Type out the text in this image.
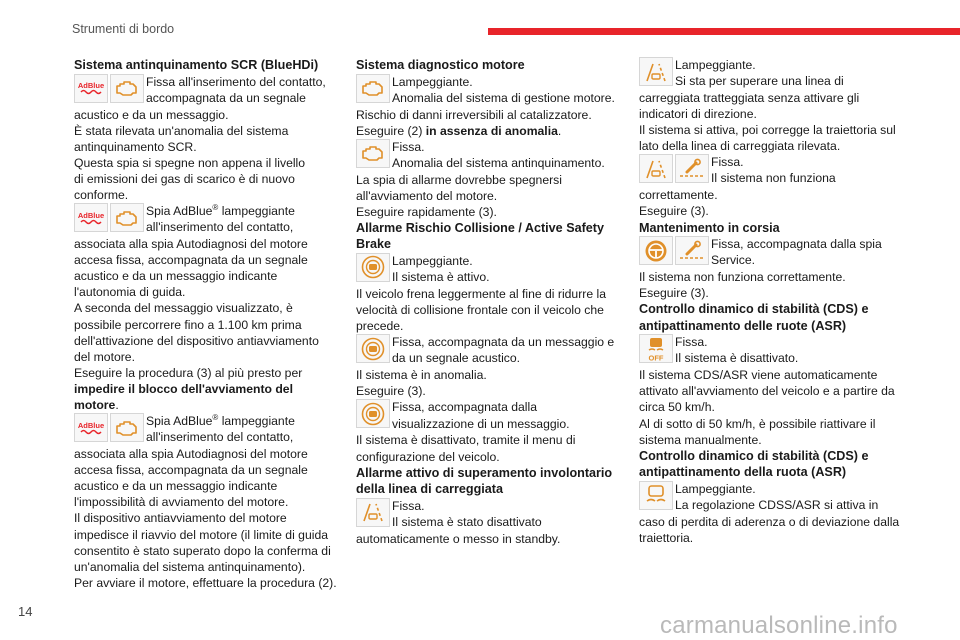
Strumenti di bordo

Sistema antinquinamento SCR (BlueHDi)

AdBlue	Fissa all'inserimento del contatto,

accompagnata da un segnale

acustico e da un messaggio.

È stata rilevata un'anomalia del sistema

antinquinamento SCR.

Questa spia si spegne non appena il livello

di emissioni dei gas di scarico è di nuovo

conforme.

AdBlue	Spia AdBlue® lampeggiante

all'inserimento del contatto,

associata alla spia Autodiagnosi del motore

accesa fissa, accompagnata da un segnale

acustico e da un messaggio indicante

l'autonomia di guida.

A seconda del messaggio visualizzato, è

possibile percorrere fino a 1.100 km prima

dell'attivazione del dispositivo antiavviamento

del motore.

Eseguire la procedura (3) al più presto per

impedire il blocco dell'avviamento del

motore.

AdBlue	Spia AdBlue® lampeggiante

all'inserimento del contatto,

associata alla spia Autodiagnosi del motore

accesa fissa, accompagnata da un segnale

acustico e da un messaggio indicante

l'impossibilità di avviamento del motore.

Il dispositivo antiavviamento del motore

impedisce il riavvio del motore (il limite di guida

consentito è stato superato dopo la conferma di

un'anomalia del sistema antinquinamento).

Per avviare il motore, effettuare la procedura (2).

Sistema diagnostico motore

Lampeggiante.

Anomalia del sistema di gestione motore.

Rischio di danni irreversibili al catalizzatore.

Eseguire (2) in assenza di anomalia.

Fissa.

Anomalia del sistema antinquinamento.

La spia di allarme dovrebbe spegnersi

all'avviamento del motore.

Eseguire rapidamente (3).

Allarme Rischio Collisione / Active Safety
Brake

Lampeggiante.

Il sistema è attivo.

Il veicolo frena leggermente al fine di ridurre la

velocità di collisione frontale con il veicolo che

precede.

Fissa, accompagnata da un messaggio e

da un segnale acustico.

Il sistema è in anomalia.

Eseguire (3).

Fissa, accompagnata dalla

visualizzazione di un messaggio.

Il sistema è disattivato, tramite il menu di

configurazione del veicolo.

Allarme attivo di superamento involontario
della linea di carreggiata

Fissa.

Il sistema è stato disattivato

automaticamente o messo in standby.

Lampeggiante.

Si sta per superare una linea di

carreggiata tratteggiata senza attivare gli

indicatori di direzione.

Il sistema si attiva, poi corregge la traiettoria sul

lato della linea di carreggiata rilevata.

Fissa.

Il sistema non funziona

correttamente.

Eseguire (3).

Mantenimento in corsia

Fissa, accompagnata dalla spia

Service.

Il sistema non funziona correttamente.

Eseguire (3).

Controllo dinamico di stabilità (CDS) e
antipattinamento delle ruote (ASR)

OFF

Fissa.

Il sistema è disattivato.

Il sistema CDS/ASR viene automaticamente

attivato all'avviamento del veicolo e a partire da

circa 50 km/h.

Al di sotto di 50 km/h, è possibile riattivare il

sistema manualmente.

Controllo dinamico di stabilità (CDS) e
antipattinamento della ruota (ASR)

Lampeggiante.

La regolazione CDSS/ASR si attiva in

caso di perdita di aderenza o di deviazione dalla

traiettoria.

14
carmanualsonline.info
